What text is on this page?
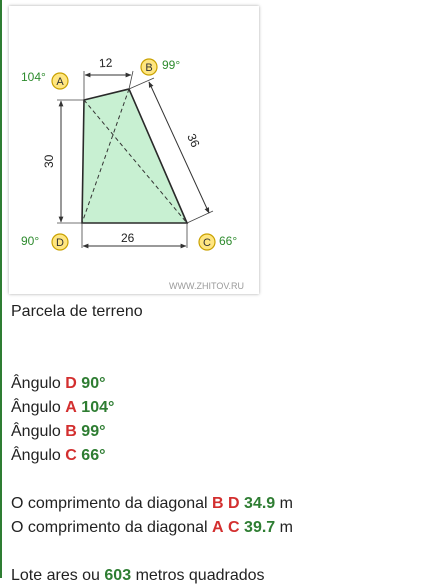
12
30
36
26
A
104°
B 99°
C 66°
D
90°
WWW.ZHITOV.RU
Parcela de terreno
Ângulo D 90°
Ângulo A 104°
Ângulo B 99°
Ângulo C 66°
O comprimento da diagonal B D 34.9 m
O comprimento da diagonal A C 39.7 m
Lote ares ou 603 metros quadrados
